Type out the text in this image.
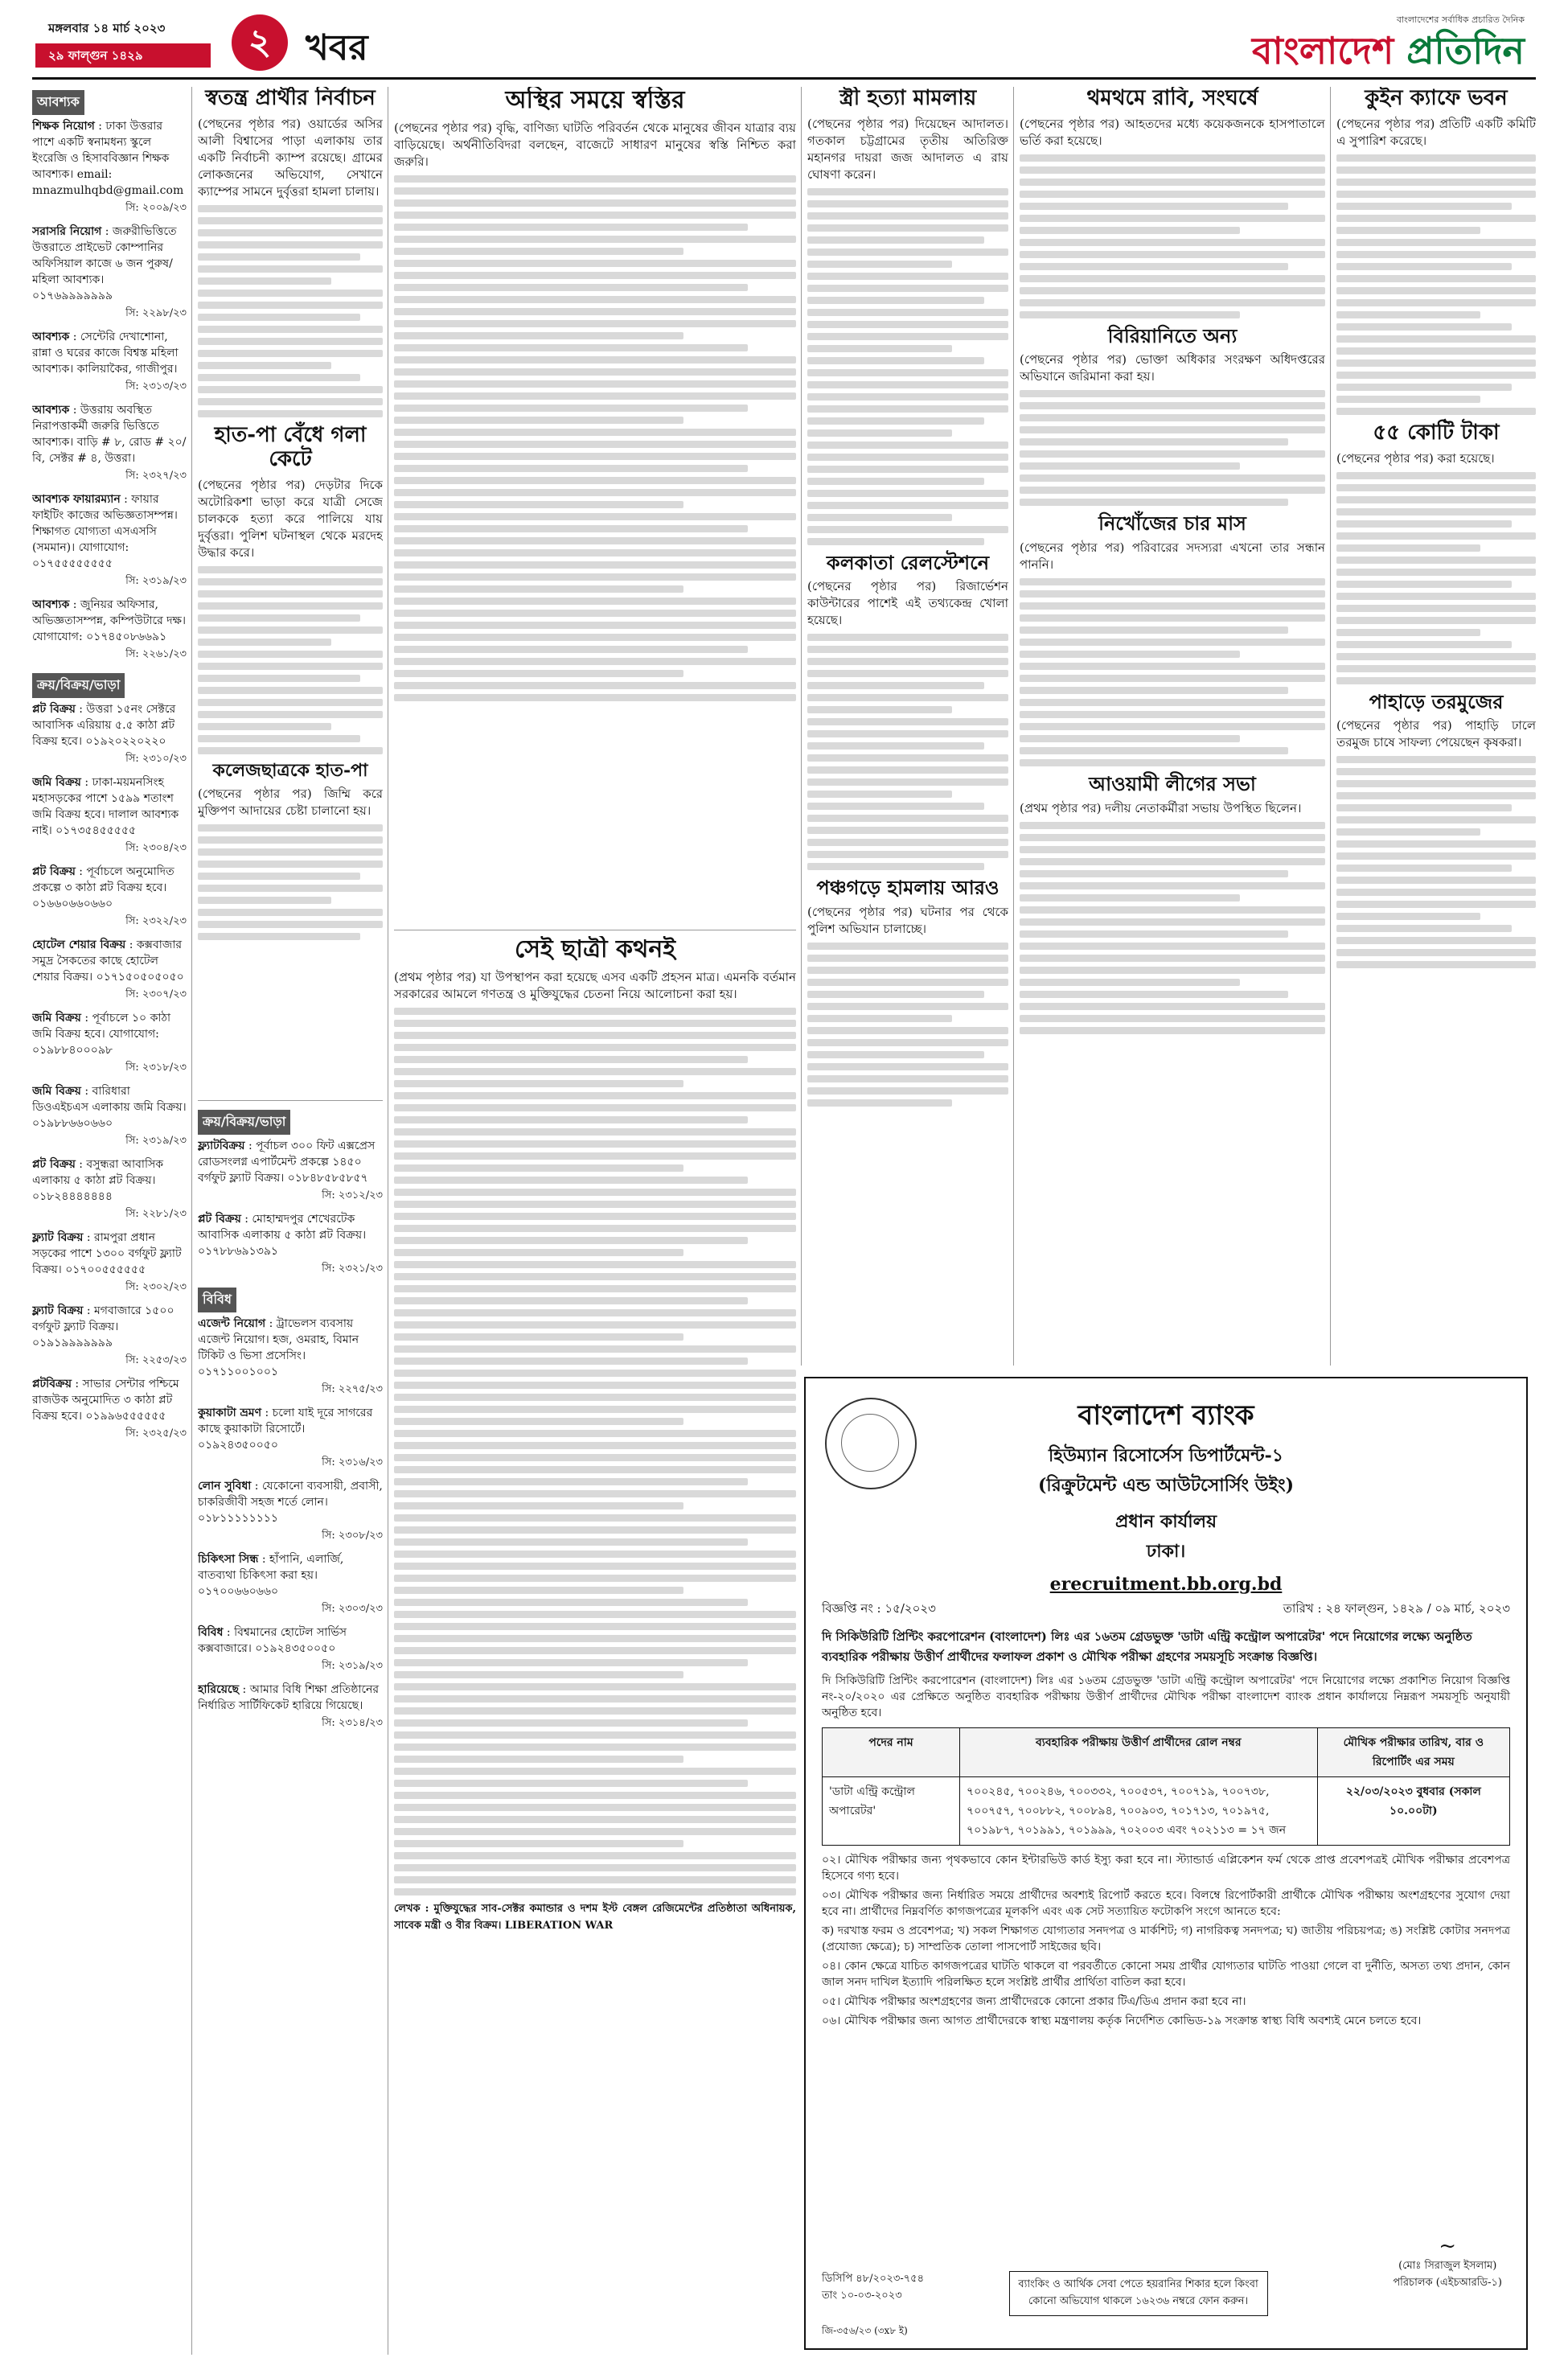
মঙ্গলবার ১৪ মার্চ ২০২৩
২৯ ফাল্গুন ১৪২৯	২ খবর
বাংলাদেশের সর্বাধিক প্রচারিত দৈনিক
বাংলাদেশ প্রতিদিন
আবশ্যক

শিক্ষক নিয়োগ : ঢাকা উত্তরার পাশে একটি স্বনামধন্য স্কুলে ইংরেজি ও হিসাববিজ্ঞান শিক্ষক আবশ্যক। email: mnazmulhqbd@gmail.com

সি: ২০০৯/২৩

সরাসরি নিয়োগ : জরুরীভিত্তিতে উত্তরাতে প্রাইভেট কোম্পানির অফিসিয়াল কাজে ৬ জন পুরুষ/মহিলা আবশ্যক। ০১৭৬৯৯৯৯৯৯৯

সি: ২২৯৮/২৩

আবশ্যক : সেন্টেরি দেখাশোনা, রান্না ও ঘরের কাজে বিশ্বস্ত মহিলা আবশ্যক। কালিয়াকৈর, গাজীপুর।

সি: ২৩১৩/২৩

আবশ্যক : উত্তরায় অবস্থিত নিরাপত্তাকর্মী জরুরি ভিত্তিতে আবশ্যক। বাড়ি # ৮, রোড # ২০/বি, সেক্টর # ৪, উত্তরা।

সি: ২৩২৭/২৩

আবশ্যক ফায়ারম্যান : ফায়ার ফাইটিং কাজের অভিজ্ঞতাসম্পন্ন। শিক্ষাগত যোগ্যতা এসএসসি (সমমান)। যোগাযোগ: ০১৭৫৫৫৫৫৫৫৫

সি: ২৩১৯/২৩

আবশ্যক : জুনিয়র অফিসার, অভিজ্ঞতাসম্পন্ন, কম্পিউটারে দক্ষ। যোগাযোগ: ০১৭৪৫০৮৬৬৯১

সি: ২২৬১/২৩
ক্রয়/বিক্রয়/ভাড়া

প্লট বিক্রয় : উত্তরা ১৫নং সেক্টরে আবাসিক এরিয়ায় ৫.৫ কাঠা প্লট বিক্রয় হবে। ০১৯২০২২০২২০

সি: ২৩১০/২৩

জমি বিক্রয় : ঢাকা-ময়মনসিংহ মহাসড়কের পাশে ১৫৯৯ শতাংশ জমি বিক্রয় হবে। দালাল আবশ্যক নাই। ০১৭৩৫৪৫৫৫৫৫

সি: ২৩০৪/২৩

প্লট বিক্রয় : পূর্বাচলে অনুমোদিত প্রকল্পে ৩ কাঠা প্লট বিক্রয় হবে। ০১৬৬০৬৬০৬৬০

সি: ২৩২২/২৩

হোটেল শেয়ার বিক্রয় : কক্সবাজার সমুদ্র সৈকতের কাছে হোটেল শেয়ার বিক্রয়। ০১৭১৫০৫০৫০৫০

সি: ২৩০৭/২৩

জমি বিক্রয় : পূর্বাচলে ১০ কাঠা জমি বিক্রয় হবে। যোগাযোগ: ০১৯৮৮৪০০০৯৮

সি: ২৩১৮/২৩

জমি বিক্রয় : বারিধারা ডিওএইচএস এলাকায় জমি বিক্রয়। ০১৯৮৮৬৬০৬৬০

সি: ২৩১৯/২৩

প্লট বিক্রয় : বসুন্ধরা আবাসিক এলাকায় ৫ কাঠা প্লট বিক্রয়। ০১৮২৪৪৪৪৪৪৪

সি: ২২৮১/২৩

ফ্ল্যাট বিক্রয় : রামপুরা প্রধান সড়কের পাশে ১৩০০ বর্গফুট ফ্ল্যাট বিক্রয়। ০১৭০০৫৫৫৫৫৫

সি: ২৩০২/২৩

ফ্ল্যাট বিক্রয় : মগবাজারে ১৫০০ বর্গফুট ফ্ল্যাট বিক্রয়। ০১৯১৯৯৯৯৯৯৯

সি: ২২৫৩/২৩

প্লটবিক্রয় : সাভার সেন্টার পশ্চিমে রাজউক অনুমোদিত ৩ কাঠা প্লট বিক্রয় হবে। ০১৯৯৬৫৫৫৫৫৫

সি: ২৩২৫/২৩
স্বতন্ত্র প্রার্থীর নির্বাচন

(পেছনের পৃষ্ঠার পর) ওয়ার্ডের অসির আলী বিশ্বাসের পাড়া এলাকায় তার একটি নির্বাচনী ক্যাম্প রয়েছে। গ্রামের লোকজনের অভিযোগ, সেখানে ক্যাম্পের সামনে দুর্বৃত্তরা হামলা চালায়।

হাত-পা বেঁধে গলা কেটে

(পেছনের পৃষ্ঠার পর) দেড়টার দিকে অটোরিকশা ভাড়া করে যাত্রী সেজে চালককে হত্যা করে পালিয়ে যায় দুর্বৃত্তরা। পুলিশ ঘটনাস্থল থেকে মরদেহ উদ্ধার করে।

কলেজছাত্রকে হাত-পা

(পেছনের পৃষ্ঠার পর) জিম্মি করে মুক্তিপণ আদায়ের চেষ্টা চালানো হয়।

ক্রয়/বিক্রয়/ভাড়া

ফ্ল্যাটবিক্রয় : পূর্বাচল ৩০০ ফিট এক্সপ্রেস রোডসংলগ্ন এপার্টমেন্ট প্রকল্পে ১৪৫০ বর্গফুট ফ্ল্যাট বিক্রয়। ০১৮৪৮৫৮৫৮৫৭

সি: ২৩১২/২৩

প্লট বিক্রয় : মোহাম্মদপুর শেখেরটেক আবাসিক এলাকায় ৫ কাঠা প্লট বিক্রয়। ০১৭৮৮৬৯১৩৯১

সি: ২৩২১/২৩
বিবিধ

এজেন্ট নিয়োগ : ট্রাভেলস ব্যবসায় এজেন্ট নিয়োগ। হজ, ওমরাহ, বিমান টিকিট ও ভিসা প্রসেসিং। ০১৭১১০০১০০১

সি: ২২৭৫/২৩

কুয়াকাটা ভ্রমণ : চলো যাই দূরে সাগরের কাছে কুয়াকাটা রিসোর্টে। ০১৯২৪৩৫০০৫০

সি: ২৩১৬/২৩

লোন সুবিধা : যেকোনো ব্যবসায়ী, প্রবাসী, চাকরিজীবী সহজ শর্তে লোন। ০১৮১১১১১১১১

সি: ২৩০৮/২৩

চিকিৎসা সিন্ধ : হাঁপানি, এলার্জি, বাতব্যথা চিকিৎসা করা হয়। ০১৭০০৬৬০৬৬০

সি: ২৩০৩/২৩

বিবিধ : বিশ্বমানের হোটেল সার্ভিস কক্সবাজারে। ০১৯২৪৩৫০০৫০

সি: ২৩১৯/২৩

হারিয়েছে : আমার বিধি শিক্ষা প্রতিষ্ঠানের নির্ধারিত সার্টিফিকেট হারিয়ে গিয়েছে।

সি: ২৩১৪/২৩
অস্থির সময়ে স্বস্তির

(পেছনের পৃষ্ঠার পর) বৃদ্ধি, বাণিজ্য ঘাটতি পরিবর্তন থেকে মানুষের জীবন যাত্রার ব্যয় বাড়িয়েছে। অর্থনীতিবিদরা বলছেন, বাজেটে সাধারণ মানুষের স্বস্তি নিশ্চিত করা জরুরি।

সেই ছাত্রী কথনই

(প্রথম পৃষ্ঠার পর) যা উপস্থাপন করা হয়েছে এসব একটি প্রহসন মাত্র। এমনকি বর্তমান সরকারের আমলে গণতন্ত্র ও মুক্তিযুদ্ধের চেতনা নিয়ে আলোচনা করা হয়।

লেখক : মুক্তিযুদ্ধের সাব-সেক্টর কমান্ডার ও দশম ইস্ট বেঙ্গল রেজিমেন্টের প্রতিষ্ঠাতা অধিনায়ক, সাবেক মন্ত্রী ও বীর বিক্রম। LIBERATION WAR

স্ত্রী হত্যা মামলায়

(পেছনের পৃষ্ঠার পর) দিয়েছেন আদালত। গতকাল চট্টগ্রামের তৃতীয় অতিরিক্ত মহানগর দায়রা জজ আদালত এ রায় ঘোষণা করেন।

কলকাতা রেলস্টেশনে

(পেছনের পৃষ্ঠার পর) রিজার্ভেশন কাউন্টারের পাশেই এই তথ্যকেন্দ্র খোলা হয়েছে।

পঞ্চগড়ে হামলায় আরও

(পেছনের পৃষ্ঠার পর) ঘটনার পর থেকে পুলিশ অভিযান চালাচ্ছে।

থমথমে রাবি, সংঘর্ষে

(পেছনের পৃষ্ঠার পর) আহতদের মধ্যে কয়েকজনকে হাসপাতালে ভর্তি করা হয়েছে।

বিরিয়ানিতে অন্য

(পেছনের পৃষ্ঠার পর) ভোক্তা অধিকার সংরক্ষণ অধিদপ্তরের অভিযানে জরিমানা করা হয়।

নিখোঁজের চার মাস

(পেছনের পৃষ্ঠার পর) পরিবারের সদস্যরা এখনো তার সন্ধান পাননি।

আওয়ামী লীগের সভা

(প্রথম পৃষ্ঠার পর) দলীয় নেতাকর্মীরা সভায় উপস্থিত ছিলেন।

কুইন ক্যাফে ভবন

(পেছনের পৃষ্ঠার পর) প্রতিটি একটি কমিটি এ সুপারিশ করেছে।

৫৫ কোটি টাকা

(পেছনের পৃষ্ঠার পর) করা হয়েছে।

পাহাড়ে তরমুজের

(পেছনের পৃষ্ঠার পর) পাহাড়ি ঢালে তরমুজ চাষে সাফল্য পেয়েছেন কৃষকরা।

বাংলাদেশ ব্যাংক
হিউম্যান রিসোর্সেস ডিপার্টমেন্ট-১
(রিক্রুটমেন্ট এন্ড আউটসোর্সিং উইং)
প্রধান কার্যালয়
ঢাকা।
erecruitment.bb.org.bd
বিজ্ঞপ্তি নং : ১৫/২০২৩	তারিখ : ২৪ ফাল্গুন, ১৪২৯ / ০৯ মার্চ, ২০২৩
দি সিকিউরিটি প্রিন্টিং করপোরেশন (বাংলাদেশ) লিঃ এর ১৬তম গ্রেডভুক্ত 'ডাটা এন্ট্রি কন্ট্রোল অপারেটর' পদে নিয়োগের লক্ষ্যে অনুষ্ঠিত ব্যবহারিক পরীক্ষায় উত্তীর্ণ প্রার্থীদের ফলাফল প্রকাশ ও মৌখিক পরীক্ষা গ্রহণের সময়সূচি সংক্রান্ত বিজ্ঞপ্তি।

দি সিকিউরিটি প্রিন্টিং করপোরেশন (বাংলাদেশ) লিঃ এর ১৬তম গ্রেডভুক্ত 'ডাটা এন্ট্রি কন্ট্রোল অপারেটর' পদে নিয়োগের লক্ষ্যে প্রকাশিত নিয়োগ বিজ্ঞপ্তি নং-২০/২০২০ এর প্রেক্ষিতে অনুষ্ঠিত ব্যবহারিক পরীক্ষায় উত্তীর্ণ প্রার্থীদের মৌখিক পরীক্ষা বাংলাদেশ ব্যাংক প্রধান কার্যালয়ে নিম্নরূপ সময়সূচি অনুযায়ী অনুষ্ঠিত হবে।

পদের নাম	ব্যবহারিক পরীক্ষায় উত্তীর্ণ প্রার্থীদের রোল নম্বর	মৌখিক পরীক্ষার তারিখ, বার ও রিপোর্টিং এর সময়
'ডাটা এন্ট্রি কন্ট্রোল অপারেটর'	৭০০২৪৫, ৭০০২৪৬, ৭০০৩৩২, ৭০০৫৩৭, ৭০০৭১৯, ৭০০৭৩৮, ৭০০৭৫৭, ৭০০৮৮২, ৭০০৮৯৪, ৭০০৯০৩, ৭০১৭১৩, ৭০১৯৭৫, ৭০১৯৮৭, ৭০১৯৯১, ৭০১৯৯৯, ৭০২০০৩ এবং ৭০২১১৩ = ১৭ জন	২২/০৩/২০২৩ বুধবার (সকাল ১০.০০টা)

০২। মৌখিক পরীক্ষার জন্য পৃথকভাবে কোন ইন্টারভিউ কার্ড ইস্যু করা হবে না। স্ট্যান্ডার্ড এপ্লিকেশন ফর্ম থেকে প্রাপ্ত প্রবেশপত্রই মৌখিক পরীক্ষার প্রবেশপত্র হিসেবে গণ্য হবে।

০৩। মৌখিক পরীক্ষার জন্য নির্ধারিত সময়ে প্রার্থীদের অবশ্যই রিপোর্ট করতে হবে। বিলম্বে রিপোর্টকারী প্রার্থীকে মৌখিক পরীক্ষায় অংশগ্রহণের সুযোগ দেয়া হবে না। প্রার্থীদের নিম্নবর্ণিত কাগজপত্রের মূলকপি এবং এক সেট সত্যায়িত ফটোকপি সংগে আনতে হবে:

ক) দরখাস্ত ফরম ও প্রবেশপত্র; খ) সকল শিক্ষাগত যোগ্যতার সনদপত্র ও মার্কশিট; গ) নাগরিকত্ব সনদপত্র; ঘ) জাতীয় পরিচয়পত্র; ঙ) সংশ্লিষ্ট কোটার সনদপত্র (প্রযোজ্য ক্ষেত্রে); চ) সাম্প্রতিক তোলা পাসপোর্ট সাইজের ছবি।

০৪। কোন ক্ষেত্রে যাচিত কাগজপত্রের ঘাটতি থাকলে বা পরবর্তীতে কোনো সময় প্রার্থীর যোগ্যতার ঘাটতি পাওয়া গেলে বা দুর্নীতি, অসত্য তথ্য প্রদান, কোন জাল সনদ দাখিল ইত্যাদি পরিলক্ষিত হলে সংশ্লিষ্ট প্রার্থীর প্রার্থিতা বাতিল করা হবে।

০৫। মৌখিক পরীক্ষার অংশগ্রহণের জন্য প্রার্থীদেরকে কোনো প্রকার টিএ/ডিএ প্রদান করা হবে না।

০৬। মৌখিক পরীক্ষার জন্য আগত প্রার্থীদেরকে স্বাস্থ্য মন্ত্রণালয় কর্তৃক নির্দেশিত কোভিড-১৯ সংক্রান্ত স্বাস্থ্য বিধি অবশ্যই মেনে চলতে হবে।

~
(মোঃ সিরাজুল ইসলাম)
পরিচালক (এইচআরডি-১)
ডিসিপি ৪৮/২০২৩-৭৫৪
তাং ১০-০৩-২০২৩
ব্যাংকিং ও আর্থিক সেবা পেতে হয়রানির শিকার হলে কিংবা কোনো অভিযোগ থাকলে ১৬২৩৬ নম্বরে ফোন করুন।
জি-৩৫৬/২৩ (৩x৮ ই)
